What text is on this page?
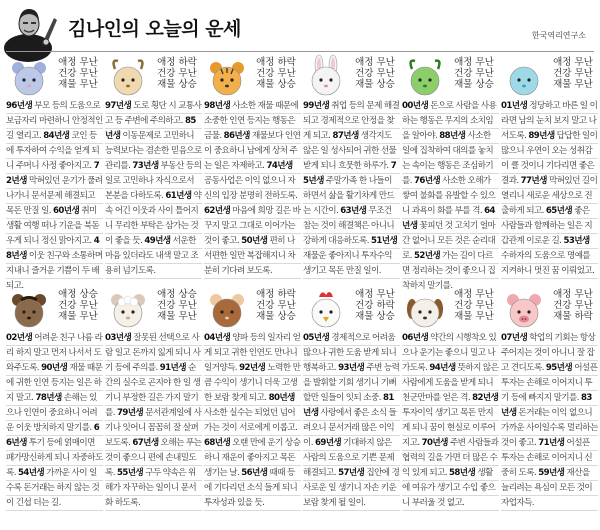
김나인의 오늘의 운세	한국역리연구소
애정 무난
건강 무난
재물 무난
96년생 부모 등의 도움으로 보금자리 마련하니 안정적인 길 열리고. 84년생 코인 등에 투자하여 수익을 얻게 되니 주머니 사정 좋아지고. 72년생 막혀있던 운기가 풀려나가니 문서문제 해결되고 목돈 만질 일. 60년생 취미생활 여행 떠나 기운을 북돋우게 되니 정신 맑아지고. 48년생 이웃 친구와 소통하며 지내니 즐거운 기쁨이 두 배 되고.
애정 하락
건강 무난
재물 상승
97년생 도로 횡단 시 교통사고 등 주변에 주의하고. 85년생 이동문제로 고민하니 능력보다는 겸손한 믿음으로 관리를. 73년생 부동산 등의 일로 고민하나 자식으로서 본분을 다하도록. 61년생 약속 어긴 이웃과 사이 틀어지니 무리한 부탁은 삼가는 것이 좋을 듯. 49년생 서운한 마음 있더라도 내색 말고 조용히 넘기도록.
애정 하락
건강 무난
재물 상승
98년생 사소한 재물 때문에 소중한 인연 등지는 행동은 금물. 86년생 재물보다 인연이 중요하니 남에게 상처 주는 일은 자제하고. 74년생 공동사업은 이익 없으니 자신의 입장 분명히 전하도록. 62년생 마음에 희망 길은 바꾸지 말고 그대로 이어가는 것이 좋고. 50년생 편히 나서편한 일만 복잡해지니 차분히 기다려 보도록.
애정 무난
건강 무난
재물 상승
99년생 취업 등의 문제 해결되고 경제적으로 안정을 찾게 되고. 87년생 생각지도 않은 일 성사되어 귀한 선물 받게 되니 흐뭇한 하루가. 75년생 주말가족 한 나들이 하면서 삶을 활기차게 만드는 시간이. 63년생 무조건 참는 것이 해결책은 아니니 강하게 대응하도록. 51년생 재물운 좋아지니 투자수익 생기고 목돈 만질 일이.
애정 무난
건강 무난
재물 상승
00년생 돈으로 사람을 사용하는 행동은 무지의 소치임을 알아야. 88년생 사소한 일에 집착하여 대의를 놓치는 속이는 행동은 조심하기를. 76년생 사소한 오해가 쌓여 불화를 유발할 수 있으니 과욕이 화를 부를 격. 64년생 꽃피던 것 고치기 얼마간 없어니 모든 것은 순리대로. 52년생 가는 길이 다르면 정리하는 것이 좋으니 집착하지 말기를.
애정 무난
건강 무난
재물 무난
01년생 정당하고 바른 일 이라면 남의 눈치 보지 말고 나서도록. 89년생 답답한 일이 많으니 우연이 오는 성취감이 클 것이니 기다리면 좋은 결과. 77년생 막혀있던 길이 열리니 새로운 세상으로 진출하게 되고. 65년생 좋은 사람들과 함께하는 일은 지갑관계 이로운 길. 53년생 수하자의 도움으로 명예를 지켜하니 멋진 꿈 이뤄었고.
애정 상승
건강 무난
재물 무난
02년생 어려운 친구 나름 라리 하지 말고 먼저 나서서 도와주도록. 90년생 재물 때문에 귀한 인연 등지는 일은 하지 말고. 78년생 손해는 있으나 인연이 중요하니 어려운 이웃 방치하지 말기를. 66년생 투기 등에 얽매이면 패가망신하게 되니 자중하도록. 54년생 가까운 사이 일수록 돈거래는 하지 않는 것이 긴섭 더는 길.
애정 상승
건강 무난
재물 무난
03년생 잘못된 선택으로 사람 일고 돈까지 잃게 되니 사기 등에 주의를. 91년생 순간의 실수로 곤지야 한 일 생기니 부정한 길은 가지 말기를. 79년생 문서관계일에 사기나 잇어니 꼼꼼히 잘 살펴보도록. 67년생 오해는 푸는 것이 좋으니 편에 손내밀도록. 55년생 구두 약속은 위해가 자꾸하는 일이니 문서화 하도록.
애정 하락
건강 무난
재물 상승
04년생 양파 등의 일자리 얻게 되고 귀한 인연도 만나니 일거양득. 92년생 노력한 만큼 수익이 생기니 더욱 고생한 보람 찾게 되고. 80년생 사소한 실수는 되었던 넘어가는 것이 서로에게 이롭고. 68년생 오랜 만에 운기 상승하니 재운이 좋아지고 목돈 생기는 날. 56년생 때때 등에 기다리던 소식 들게 되니 투자성과 있을 듯.
애정 무난
건강 하락
재물 상승
05년생 경제적으로 어려움 많으나 귀한 도움 받게 되니 행복하고. 93년생 주변 능력을 발휘할 기회 생기니 기뻐할만 일들이 잇되 소중. 81년생 사랑에서 좋은 소식 들려오니 문서거래 많은 이익이. 69년생 기대하지 않은 사람의 도움으로 기쁜 문제 해결되고. 57년생 집안에 경사로운 일 생기니 자손 키운 보람 찾게 될 일이.
애정 무난
건강 무난
재물 무난
06년생 약간의 시행착오 있으나 운기는 좋으니 밀고 나가도록. 94년생 뜻하지 않은 사람에게 도움을 받게 되니 천군만마를 얻은 격. 82년생 투자이익 생기고 목돈 만지게 되니 꿈이 현실로 이루어지고. 70년생 주변 사람들과 협력의 길을 가면 더 많은 수익 있게 되고. 58년생 생활에 여유가 생기고 수입 좋으니 부러울 것 없고.
애정 무난
건강 무난
재물 하락
07년생 학업의 기회는 항상 주어지는 것이 아니니 잘 잡고 견디도록. 95년생 어설픈 투자는 손해로 이어지니 투기 등에 빠지지 말기를. 83년생 돈거래는 이익 없으니 가까운 사이일수록 멀리하는 것이 좋고. 71년생 어설픈 투자는 손해로 이어지니 신중히 도록. 59년생 재산을 늘리려는 욕심이 모든 것이 자업자득.
